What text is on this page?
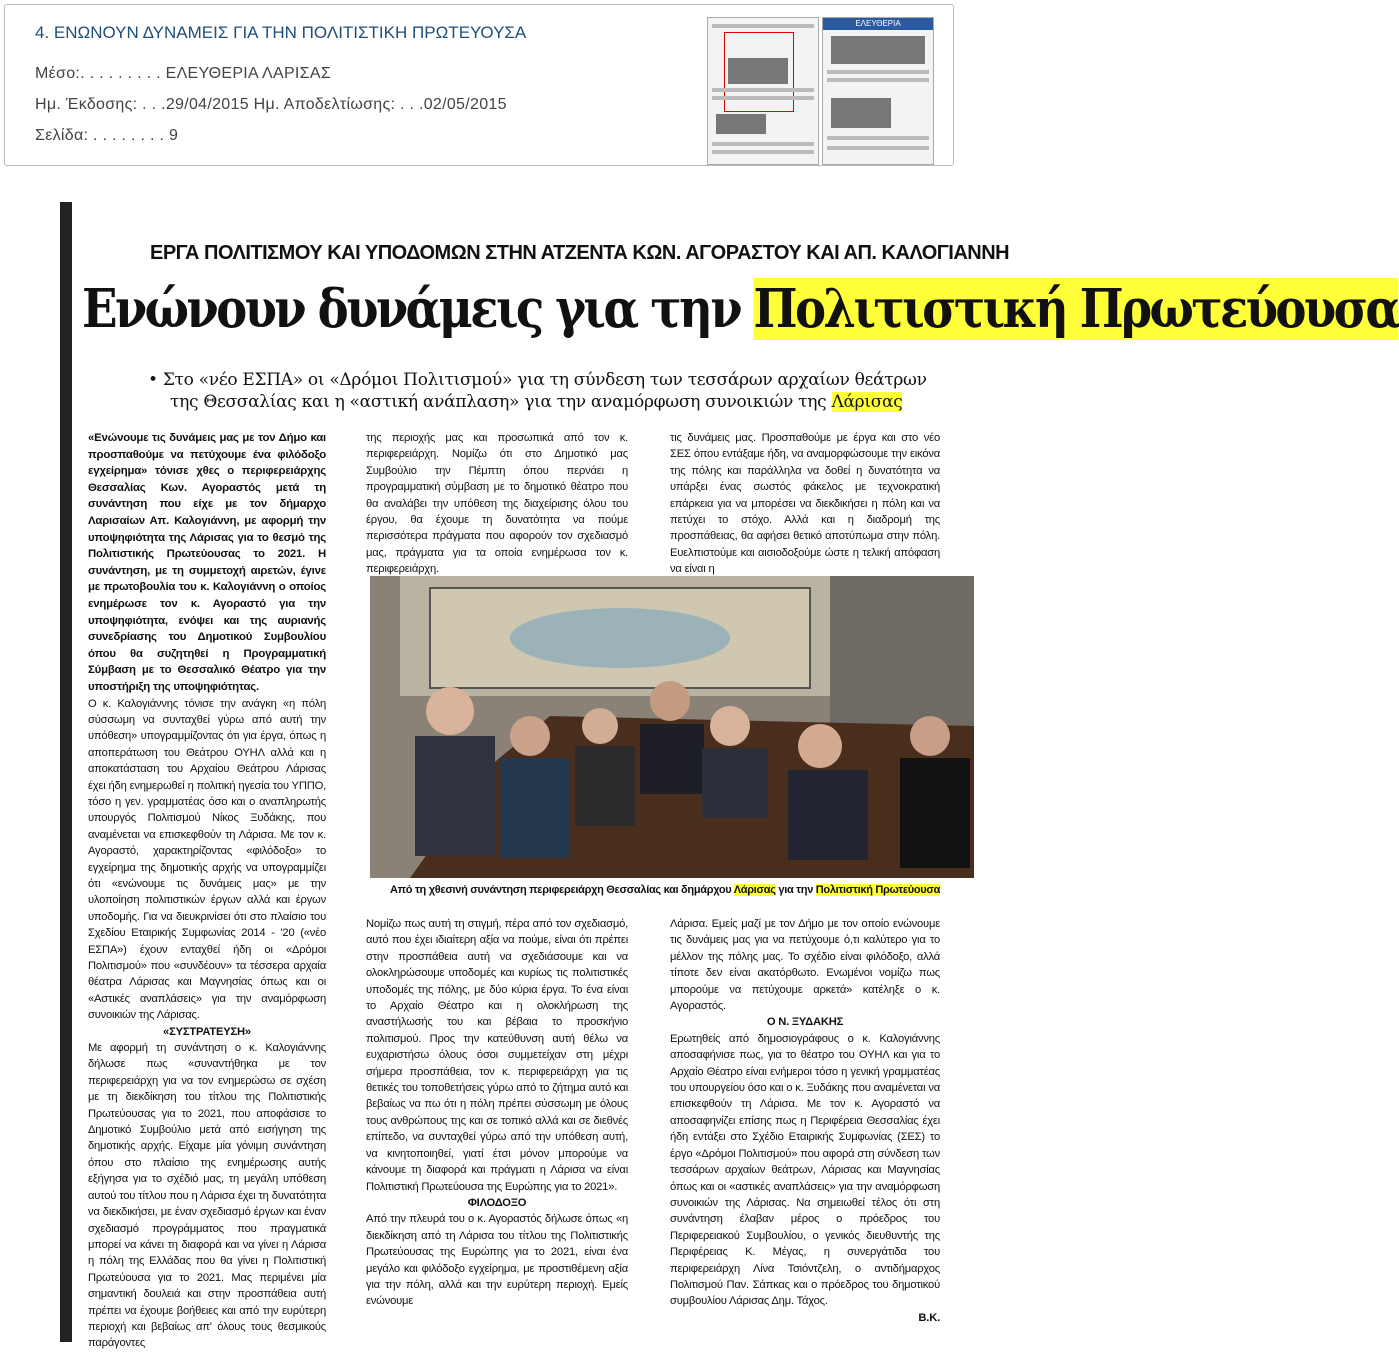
4. ΕΝΩΝΟΥΝ ΔΥΝΑΜΕΙΣ ΓΙΑ ΤΗΝ ΠΟΛΙΤΙΣΤΙΚΗ ΠΡΩΤΕΥΟΥΣΑ
Μέσο:. . . . . . . . . ΕΛΕΥΘΕΡΙΑ ΛΑΡΙΣΑΣ
Ημ. Έκδοσης: . . .29/04/2015 Ημ. Αποδελτίωσης: . . .02/05/2015
Σελίδα: . . . . . . . . 9
ΕΛΕΥΘΕΡΙΑ
ΕΡΓΑ ΠΟΛΙΤΙΣΜΟΥ ΚΑΙ ΥΠΟΔΟΜΩΝ ΣΤΗΝ ΑΤΖΕΝΤΑ ΚΩΝ. ΑΓΟΡΑΣΤΟΥ ΚΑΙ ΑΠ. ΚΑΛΟΓΙΑΝΝΗ
Ενώνουν δυνάμεις για την Πολιτιστική Πρωτεύουσα
• Στο «νέο ΕΣΠΑ» οι «Δρόμοι Πολιτισμού» για τη σύνδεση των τεσσάρων αρχαίων θεάτρων
της Θεσσαλίας και η «αστική ανάπλαση» για την αναμόρφωση συνοικιών της Λάρισας

«Ενώνουμε τις δυνάμεις μας με τον Δήμο και προσπαθούμε να πετύχουμε ένα φιλόδοξο εγχείρημα» τόνισε χθες ο περιφερειάρχης Θεσσαλίας Κων. Αγοραστός μετά τη συνάντηση που είχε με τον δήμαρχο Λαρισαίων Απ. Καλογιάννη, με αφορμή την υποψηφιότητα της Λάρισας για το θεσμό της Πολιτιστικής Πρωτεύουσας το 2021. Η συνάντηση, με τη συμμετοχή αιρετών, έγινε με πρωτοβουλία του κ. Καλογιάννη ο οποίος ενημέρωσε τον κ. Αγοραστό για την υποψηφιότητα, ενόψει και της αυριανής συνεδρίασης του Δημοτικού Συμβουλίου όπου θα συζητηθεί η Προγραμματική Σύμβαση με το Θεσσαλικό Θέατρο για την υποστήριξη της υποψηφιότητας.

Ο κ. Καλογιάννης τόνισε την ανάγκη «η πόλη σύσσωμη να συνταχθεί γύρω από αυτή την υπόθεση» υπογραμμίζοντας ότι για έργα, όπως η αποπεράτωση του Θεάτρου ΟΥΗΛ αλλά και η αποκατάσταση του Αρχαίου Θεάτρου Λάρισας έχει ήδη ενημερωθεί η πολιτική ηγεσία του ΥΠΠΟ, τόσο η γεν. γραμματέας όσο και ο αναπληρωτής υπουργός Πολιτισμού Νίκος Ξυδάκης, που αναμένεται να επισκεφθούν τη Λάρισα. Με τον κ. Αγοραστό, χαρακτηρίζοντας «φιλόδοξο» το εγχείρημα της δημοτικής αρχής να υπογραμμίζει ότι «ενώνουμε τις δυνάμεις μας» με την υλοποίηση πολιτιστικών έργων αλλά και έργων υποδομής. Για να διευκρινίσει ότι στο πλαίσιο του Σχεδίου Εταιρικής Συμφωνίας 2014 - '20 («νέο ΕΣΠΑ») έχουν ενταχθεί ήδη οι «Δρόμοι Πολιτισμού» που «συνδέουν» τα τέσσερα αρχαία θέατρα Λάρισας και Μαγνησίας όπως και οι «Αστικές αναπλάσεις» για την αναμόρφωση συνοικιών της Λάρισας.

«ΣΥΣΤΡΑΤΕΥΣΗ»

Με αφορμή τη συνάντηση ο κ. Καλογιάννης δήλωσε πως «συναντήθηκα με τον περιφερειάρχη για να τον ενημερώσω σε σχέση με τη διεκδίκηση του τίτλου της Πολιτιστικής Πρωτεύουσας για το 2021, που αποφάσισε το Δημοτικό Συμβούλιο μετά από εισήγηση της δημοτικής αρχής. Είχαμε μία γόνιμη συνάντηση όπου στο πλαίσιο της ενημέρωσης αυτής εξήγησα για το σχέδιό μας, τη μεγάλη υπόθεση αυτού του τίτλου που η Λάρισα έχει τη δυνατότητα να διεκδικήσει, με έναν σχεδιασμό έργων και έναν σχεδιασμό προγράμματος που πραγματικά μπορεί να κάνει τη διαφορά και να γίνει η Λάρισα η πόλη της Ελλάδας που θα γίνει η Πολιτιστική Πρωτεύουσα για το 2021. Μας περιμένει μία σημαντική δουλειά και στην προσπάθεια αυτή πρέπει να έχουμε βοήθειες και από την ευρύτερη περιοχή και βεβαίως απ' όλους τους θεσμικούς παράγοντες

της περιοχής μας και προσωπικά από τον κ. περιφερειάρχη. Νομίζω ότι στο Δημοτικό μας Συμβούλιο την Πέμπτη όπου περνάει η προγραμματική σύμβαση με το δημοτικό θέατρο που θα αναλάβει την υπόθεση της διαχείρισης όλου του έργου, θα έχουμε τη δυνατότητα να πούμε περισσότερα πράγματα που αφορούν τον σχεδιασμό μας, πράγματα για τα οποία ενημέρωσα τον κ. περιφερειάρχη.
τις δυνάμεις μας. Προσπαθούμε με έργα και στο νέο ΣΕΣ όπου εντάξαμε ήδη, να αναμορφώσουμε την εικόνα της πόλης και παράλληλα να δοθεί η δυνατότητα να υπάρξει ένας σωστός φάκελος με τεχνοκρατική επάρκεια για να μπορέσει να διεκδικήσει η πόλη και να πετύχει το στόχο. Αλλά και η διαδρομή της προσπάθειας, θα αφήσει θετικό αποτύπωμα στην πόλη. Ευελπιστούμε και αισιοδοξούμε ώστε η τελική απόφαση να είναι η
Από τη χθεσινή συνάντηση περιφερειάρχη Θεσσαλίας και δημάρχου Λάρισας για την Πολιτιστική Πρωτεύουσα

Νομίζω πως αυτή τη στιγμή, πέρα από τον σχεδιασμό, αυτό που έχει ιδιαίτερη αξία να πούμε, είναι ότι πρέπει στην προσπάθεια αυτή να σχεδιάσουμε και να ολοκληρώσουμε υποδομές και κυρίως τις πολιτιστικές υποδομές της πόλης, με δύο κύρια έργα. Το ένα είναι το Αρχαίο Θέατρο και η ολοκλήρωση της αναστήλωσής του και βέβαια το προσκήνιο πολιτισμού. Προς την κατεύθυνση αυτή θέλω να ευχαριστήσω όλους όσοι συμμετείχαν στη μέχρι σήμερα προσπάθεια, τον κ. περιφερειάρχη για τις θετικές του τοποθετήσεις γύρω από το ζήτημα αυτό και βεβαίως να πω ότι η πόλη πρέπει σύσσωμη με όλους τους ανθρώπους της και σε τοπικό αλλά και σε διεθνές επίπεδο, να συνταχθεί γύρω από την υπόθεση αυτή, να κινητοποιηθεί, γιατί έτσι μόνον μπορούμε να κάνουμε τη διαφορά και πράγματι η Λάρισα να είναι Πολιτιστική Πρωτεύουσα της Ευρώπης για το 2021».

ΦΙΛΟΔΟΞΟ

Από την πλευρά του ο κ. Αγοραστός δήλωσε όπως «η διεκδίκηση από τη Λάρισα του τίτλου της Πολιτιστικής Πρωτεύουσας της Ευρώπης για το 2021, είναι ένα μεγάλο και φιλόδοξο εγχείρημα, με προστιθέμενη αξία για την πόλη, αλλά και την ευρύτερη περιοχή. Εμείς ενώνουμε

Λάρισα. Εμείς μαζί με τον Δήμο με τον οποίο ενώνουμε τις δυνάμεις μας για να πετύχουμε ό,τι καλύτερο για το μέλλον της πόλης μας. Το σχέδιο είναι φιλόδοξο, αλλά τίποτε δεν είναι ακατόρθωτο. Ενωμένοι νομίζω πως μπορούμε να πετύχουμε αρκετά» κατέληξε ο κ. Αγοραστός.

Ο Ν. ΞΥΔΑΚΗΣ

Ερωτηθείς από δημοσιογράφους ο κ. Καλογιάννης αποσαφήνισε πως, για το θέατρο του ΟΥΗΛ και για το Αρχαίο Θέατρο είναι ενήμεροι τόσο η γενική γραμματέας του υπουργείου όσο και ο κ. Ξυδάκης που αναμένεται να επισκεφθούν τη Λάρισα. Με τον κ. Αγοραστό να αποσαφηνίζει επίσης πως η Περιφέρεια Θεσσαλίας έχει ήδη εντάξει στο Σχέδιο Εταιρικής Συμφωνίας (ΣΕΣ) το έργο «Δρόμοι Πολιτισμού» που αφορά στη σύνδεση των τεσσάρων αρχαίων θεάτρων, Λάρισας και Μαγνησίας όπως και οι «αστικές αναπλάσεις» για την αναμόρφωση συνοικιών της Λάρισας. Να σημειωθεί τέλος ότι στη συνάντηση έλαβαν μέρος ο πρόεδρος του Περιφερειακού Συμβουλίου, ο γενικός διευθυντής της Περιφέρειας Κ. Μέγας, η συνεργάτιδα του περιφερειάρχη Λίνα Τσιόντζελη, ο αντιδήμαρχος Πολιτισμού Παν. Σάπκας και ο πρόεδρος του δημοτικού συμβουλίου Λάρισας Δημ. Τάχος.

Β.Κ.
